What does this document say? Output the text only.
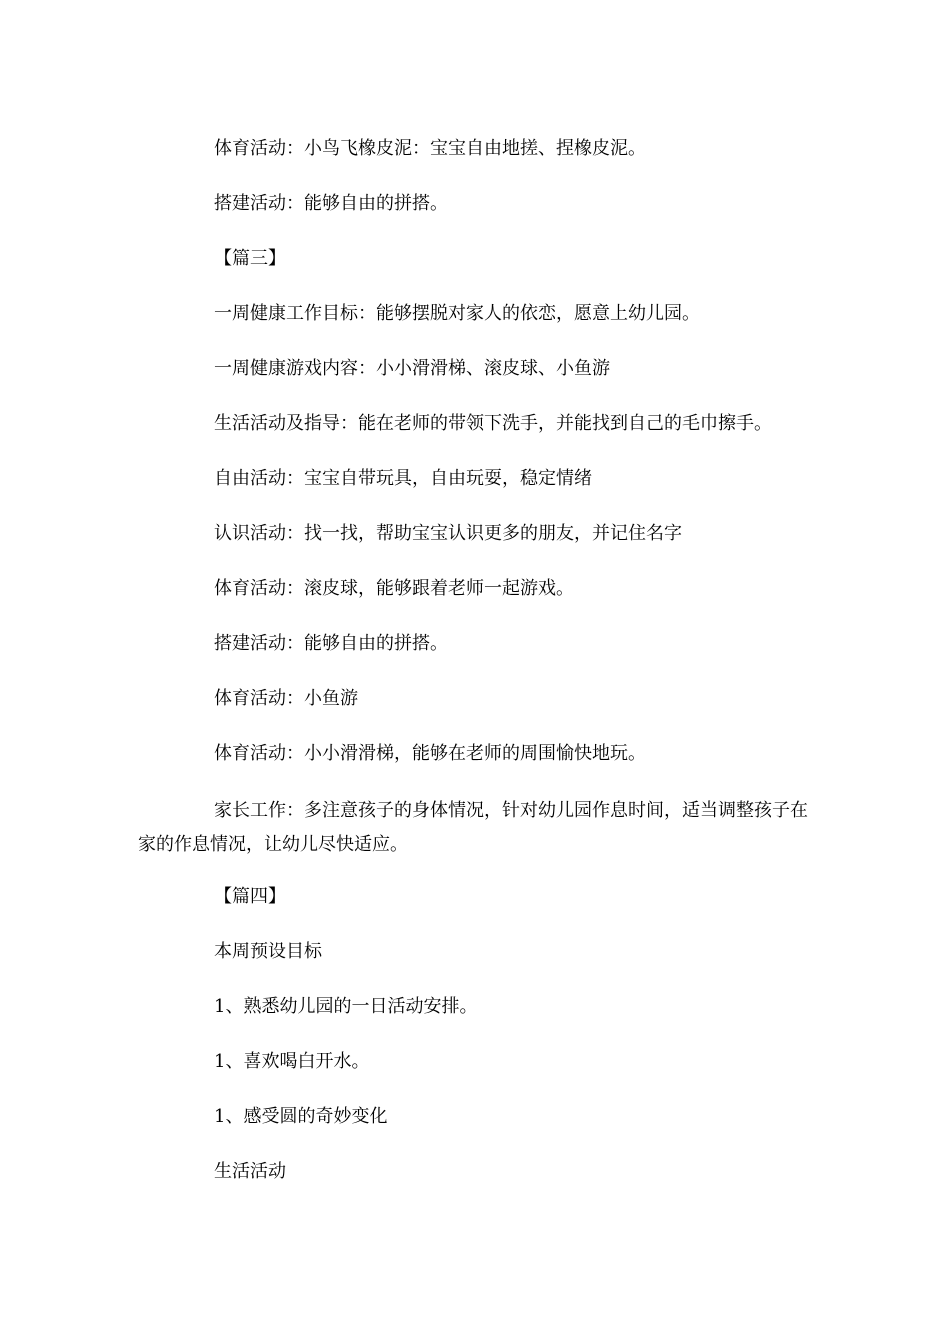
体育活动：小鸟飞橡皮泥：宝宝自由地搓、捏橡皮泥。

搭建活动：能够自由的拼搭。

【篇三】

一周健康工作目标：能够摆脱对家人的依恋，愿意上幼儿园。

一周健康游戏内容：小小滑滑梯、滚皮球、小鱼游

生活活动及指导：能在老师的带领下洗手，并能找到自己的毛巾擦手。

自由活动：宝宝自带玩具，自由玩耍，稳定情绪

认识活动：找一找，帮助宝宝认识更多的朋友，并记住名字

体育活动：滚皮球，能够跟着老师一起游戏。

搭建活动：能够自由的拼搭。

体育活动：小鱼游

体育活动：小小滑滑梯，能够在老师的周围愉快地玩。

家长工作：多注意孩子的身体情况，针对幼儿园作息时间，适当调整孩子在家的作息情况，让幼儿尽快适应。

【篇四】

本周预设目标

1、熟悉幼儿园的一日活动安排。

1、喜欢喝白开水。

1、感受圆的奇妙变化

生活活动
